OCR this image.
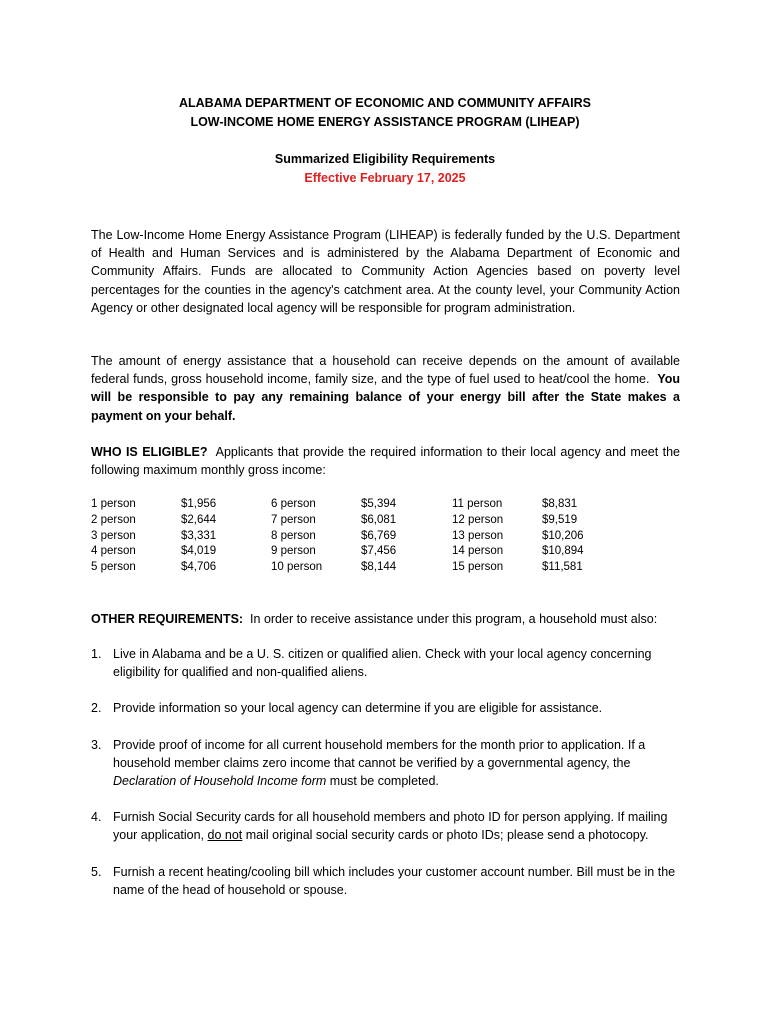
ALABAMA DEPARTMENT OF ECONOMIC AND COMMUNITY AFFAIRS
LOW-INCOME HOME ENERGY ASSISTANCE PROGRAM (LIHEAP)
Summarized Eligibility Requirements
Effective February 17, 2025
The Low-Income Home Energy Assistance Program (LIHEAP) is federally funded by the U.S. Department of Health and Human Services and is administered by the Alabama Department of Economic and Community Affairs. Funds are allocated to Community Action Agencies based on poverty level percentages for the counties in the agency's catchment area. At the county level, your Community Action Agency or other designated local agency will be responsible for program administration.
The amount of energy assistance that a household can receive depends on the amount of available federal funds, gross household income, family size, and the type of fuel used to heat/cool the home. You will be responsible to pay any remaining balance of your energy bill after the State makes a payment on your behalf.
WHO IS ELIGIBLE? Applicants that provide the required information to their local agency and meet the following maximum monthly gross income:
1 person	$1,956	6 person	$5,394	11 person	$8,831
2 person	$2,644	7 person	$6,081	12 person	$9,519
3 person	$3,331	8 person	$6,769	13 person	$10,206
4 person	$4,019	9 person	$7,456	14 person	$10,894
5 person	$4,706	10 person	$8,144	15 person	$11,581
OTHER REQUIREMENTS: In order to receive assistance under this program, a household must also:
1. Live in Alabama and be a U. S. citizen or qualified alien. Check with your local agency concerning eligibility for qualified and non-qualified aliens.
2. Provide information so your local agency can determine if you are eligible for assistance.
3. Provide proof of income for all current household members for the month prior to application. If a household member claims zero income that cannot be verified by a governmental agency, the Declaration of Household Income form must be completed.
4. Furnish Social Security cards for all household members and photo ID for person applying. If mailing your application, do not mail original social security cards or photo IDs; please send a photocopy.
5. Furnish a recent heating/cooling bill which includes your customer account number. Bill must be in the name of the head of household or spouse.
